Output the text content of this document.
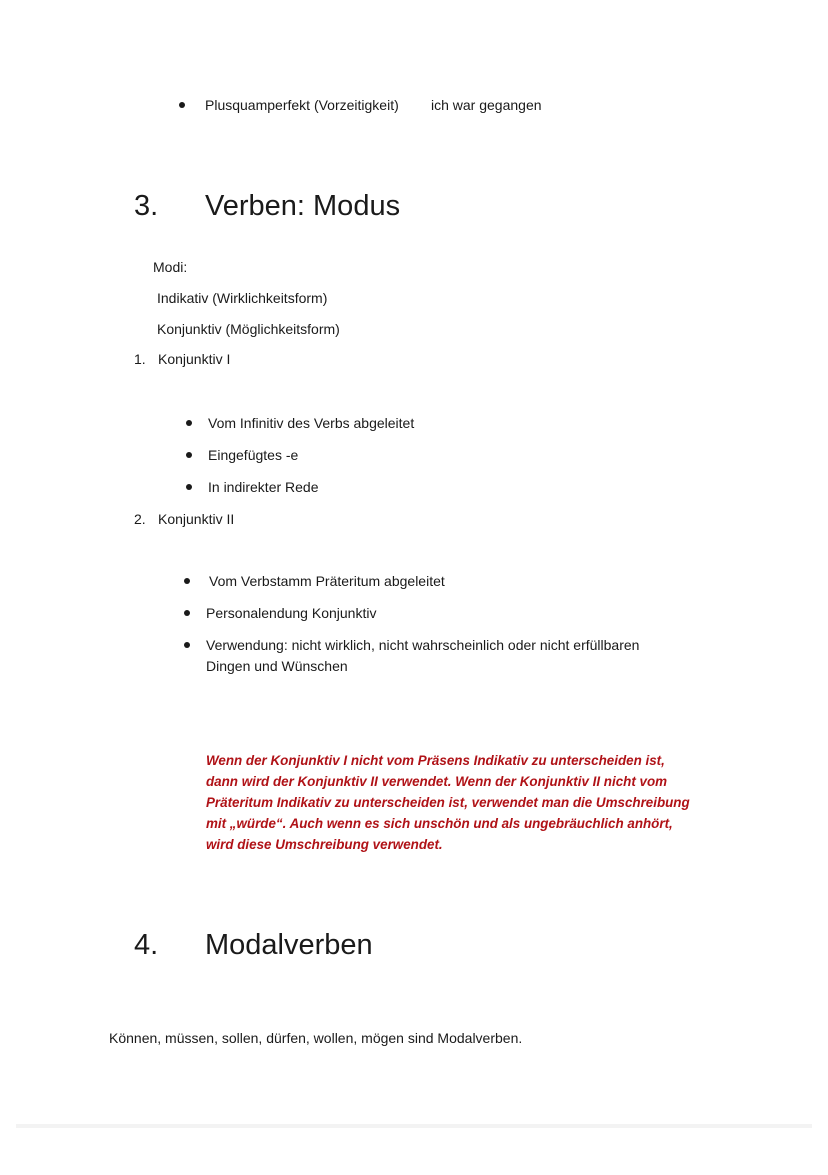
Plusquamperfekt (Vorzeitigkeit) ich war gegangen
3. Verben: Modus
Modi:
Indikativ (Wirklichkeitsform)
Konjunktiv (Möglichkeitsform)
1. Konjunktiv I
Vom Infinitiv des Verbs abgeleitet
Eingefügtes -e
In indirekter Rede
2. Konjunktiv II
Vom Verbstamm Präteritum abgeleitet
Personalendung Konjunktiv
Verwendung: nicht wirklich, nicht wahrscheinlich oder nicht erfüllbaren
Dingen und Wünschen
Wenn der Konjunktiv I nicht vom Präsens Indikativ zu unterscheiden ist,
dann wird der Konjunktiv II verwendet. Wenn der Konjunktiv II nicht vom
Präteritum Indikativ zu unterscheiden ist, verwendet man die Umschreibung
mit „würde“. Auch wenn es sich unschön und als ungebräuchlich anhört,
wird diese Umschreibung verwendet.
4. Modalverben
Können, müssen, sollen, dürfen, wollen, mögen sind Modalverben.
